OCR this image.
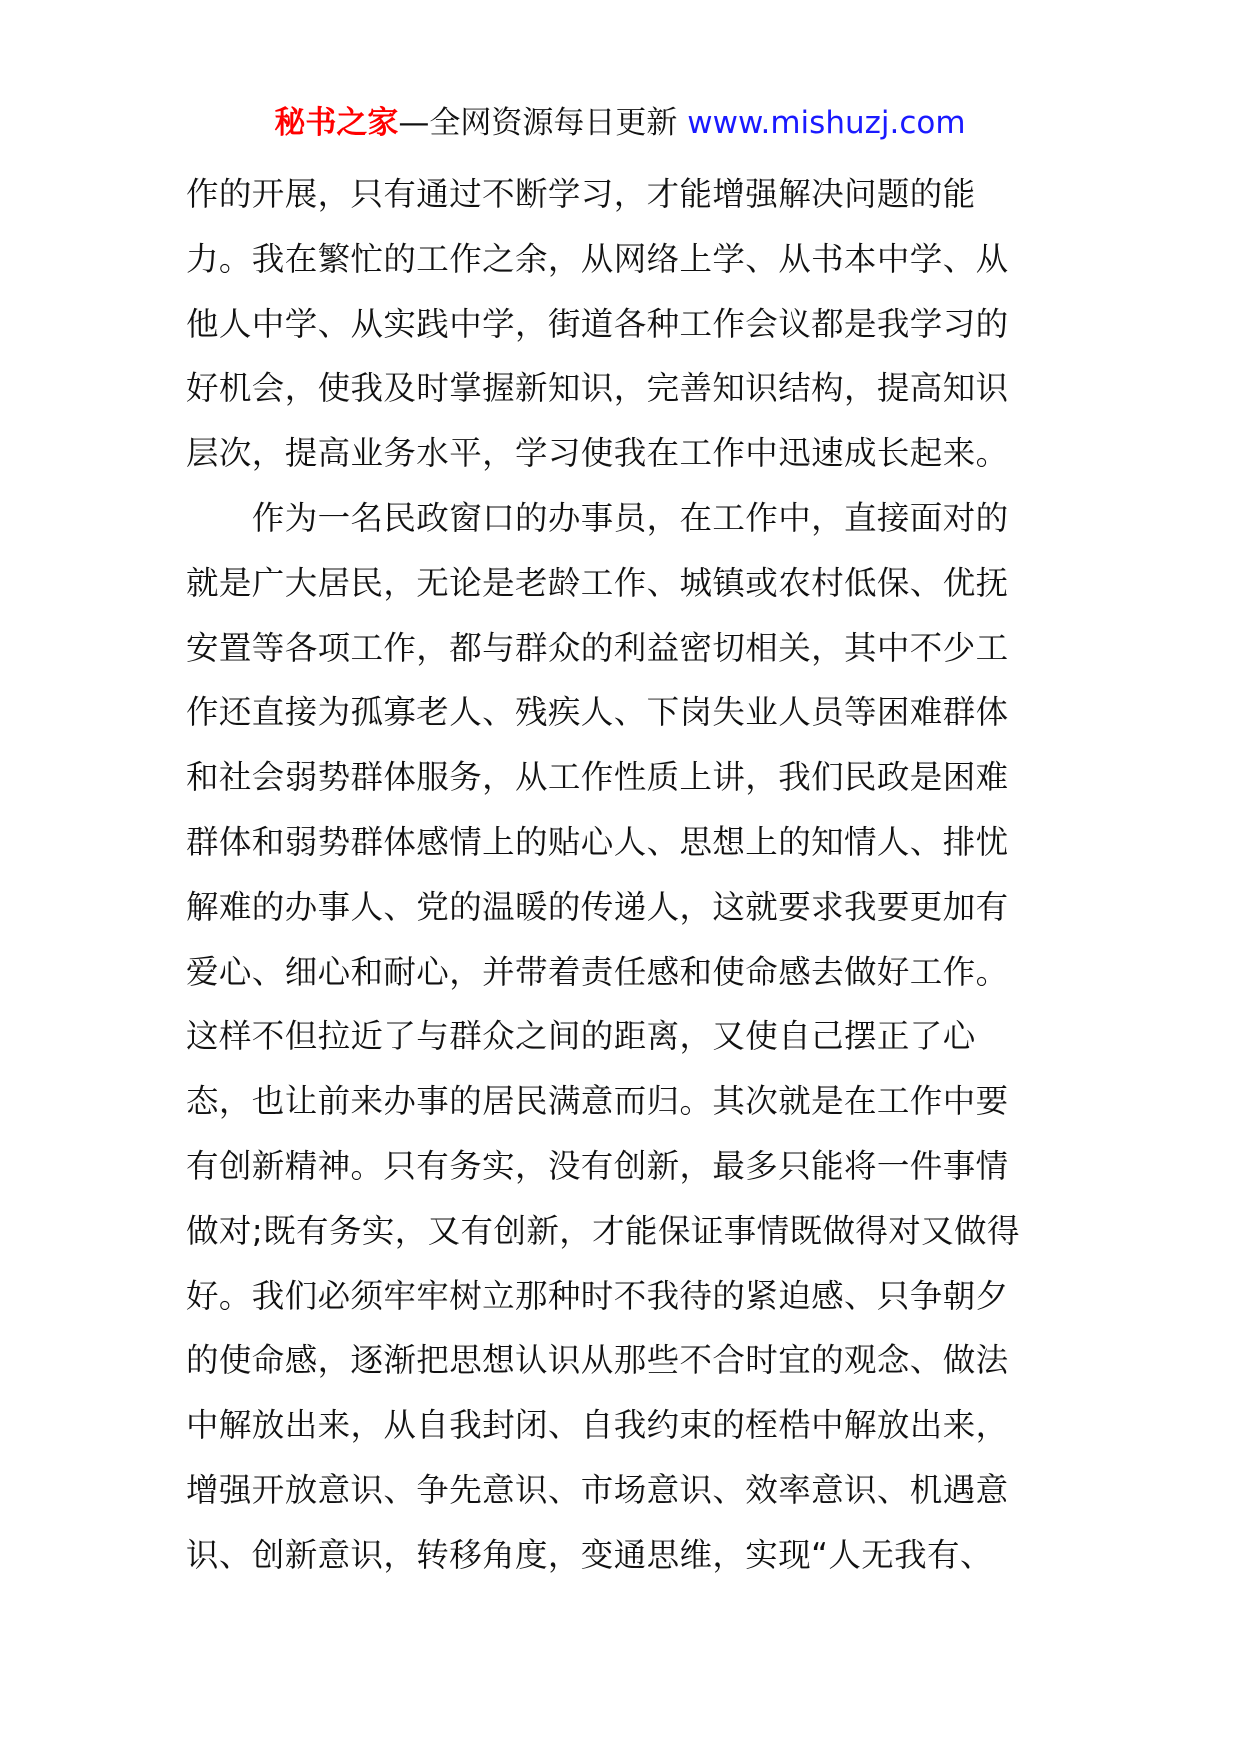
秘书之家—全网资源每日更新 www.mishuzj.com
作的开展，只有通过不断学习，才能增强解决问题的能
力。我在繁忙的工作之余，从网络上学、从书本中学、从
他人中学、从实践中学，街道各种工作会议都是我学习的
好机会，使我及时掌握新知识，完善知识结构，提高知识
层次，提高业务水平，学习使我在工作中迅速成长起来。
　　作为一名民政窗口的办事员，在工作中，直接面对的
就是广大居民，无论是老龄工作、城镇或农村低保、优抚
安置等各项工作，都与群众的利益密切相关，其中不少工
作还直接为孤寡老人、残疾人、下岗失业人员等困难群体
和社会弱势群体服务，从工作性质上讲，我们民政是困难
群体和弱势群体感情上的贴心人、思想上的知情人、排忧
解难的办事人、党的温暖的传递人，这就要求我要更加有
爱心、细心和耐心，并带着责任感和使命感去做好工作。
这样不但拉近了与群众之间的距离，又使自己摆正了心
态，也让前来办事的居民满意而归。其次就是在工作中要
有创新精神。只有务实，没有创新，最多只能将一件事情
做对;既有务实，又有创新，才能保证事情既做得对又做得
好。我们必须牢牢树立那种时不我待的紧迫感、只争朝夕
的使命感，逐渐把思想认识从那些不合时宜的观念、做法
中解放出来，从自我封闭、自我约束的桎梏中解放出来，
增强开放意识、争先意识、市场意识、效率意识、机遇意
识、创新意识，转移角度，变通思维，实现“人无我有、
